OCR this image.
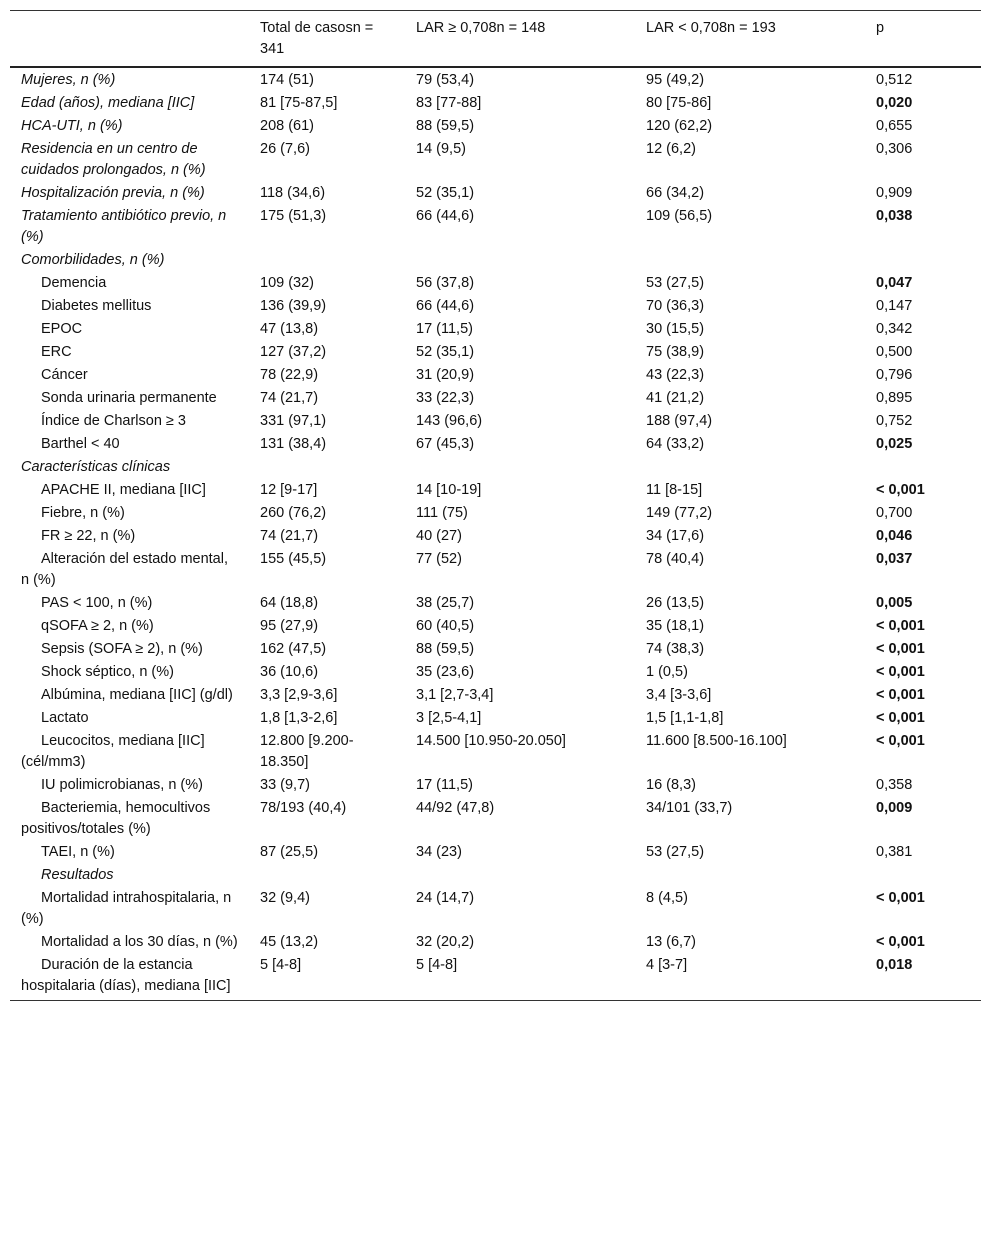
	Total de casosn = 341	LAR ≥ 0,708n = 148	LAR < 0,708n = 193	p
Mujeres, n (%)	174 (51)	79 (53,4)	95 (49,2)	0,512
Edad (años), mediana [IIC]	81 [75-87,5]	83 [77-88]	80 [75-86]	0,020
HCA-UTI, n (%)	208 (61)	88 (59,5)	120 (62,2)	0,655
Residencia en un centro de cuidados prolongados, n (%)	26 (7,6)	14 (9,5)	12 (6,2)	0,306
Hospitalización previa, n (%)	118 (34,6)	52 (35,1)	66 (34,2)	0,909
Tratamiento antibiótico previo, n (%)	175 (51,3)	66 (44,6)	109 (56,5)	0,038
Comorbilidades, n (%)				
Demencia	109 (32)	56 (37,8)	53 (27,5)	0,047
Diabetes mellitus	136 (39,9)	66 (44,6)	70 (36,3)	0,147
EPOC	47 (13,8)	17 (11,5)	30 (15,5)	0,342
ERC	127 (37,2)	52 (35,1)	75 (38,9)	0,500
Cáncer	78 (22,9)	31 (20,9)	43 (22,3)	0,796
Sonda urinaria permanente	74 (21,7)	33 (22,3)	41 (21,2)	0,895
Índice de Charlson ≥ 3	331 (97,1)	143 (96,6)	188 (97,4)	0,752
Barthel < 40	131 (38,4)	67 (45,3)	64 (33,2)	0,025
Características clínicas				
APACHE II, mediana [IIC]	12 [9-17]	14 [10-19]	11 [8-15]	< 0,001
Fiebre, n (%)	260 (76,2)	111 (75)	149 (77,2)	0,700
FR ≥ 22, n (%)	74 (21,7)	40 (27)	34 (17,6)	0,046
Alteración del estado mental, n (%)	155 (45,5)	77 (52)	78 (40,4)	0,037
PAS < 100, n (%)	64 (18,8)	38 (25,7)	26 (13,5)	0,005
qSOFA ≥ 2, n (%)	95 (27,9)	60 (40,5)	35 (18,1)	< 0,001
Sepsis (SOFA ≥ 2), n (%)	162 (47,5)	88 (59,5)	74 (38,3)	< 0,001
Shock séptico, n (%)	36 (10,6)	35 (23,6)	1 (0,5)	< 0,001
Albúmina, mediana [IIC] (g/dl)	3,3 [2,9-3,6]	3,1 [2,7-3,4]	3,4 [3-3,6]	< 0,001
Lactato	1,8 [1,3-2,6]	3 [2,5-4,1]	1,5 [1,1-1,8]	< 0,001
Leucocitos, mediana [IIC] (cél/mm3)	12.800 [9.200-18.350]	14.500 [10.950-20.050]	11.600 [8.500-16.100]	< 0,001
IU polimicrobianas, n (%)	33 (9,7)	17 (11,5)	16 (8,3)	0,358
Bacteriemia, hemocultivos positivos/totales (%)	78/193 (40,4)	44/92 (47,8)	34/101 (33,7)	0,009
TAEI, n (%)	87 (25,5)	34 (23)	53 (27,5)	0,381
Resultados				
Mortalidad intrahospitalaria, n (%)	32 (9,4)	24 (14,7)	8 (4,5)	< 0,001
Mortalidad a los 30 días, n (%)	45 (13,2)	32 (20,2)	13 (6,7)	< 0,001
Duración de la estancia hospitalaria (días), mediana [IIC]	5 [4-8]	5 [4-8]	4 [3-7]	0,018
